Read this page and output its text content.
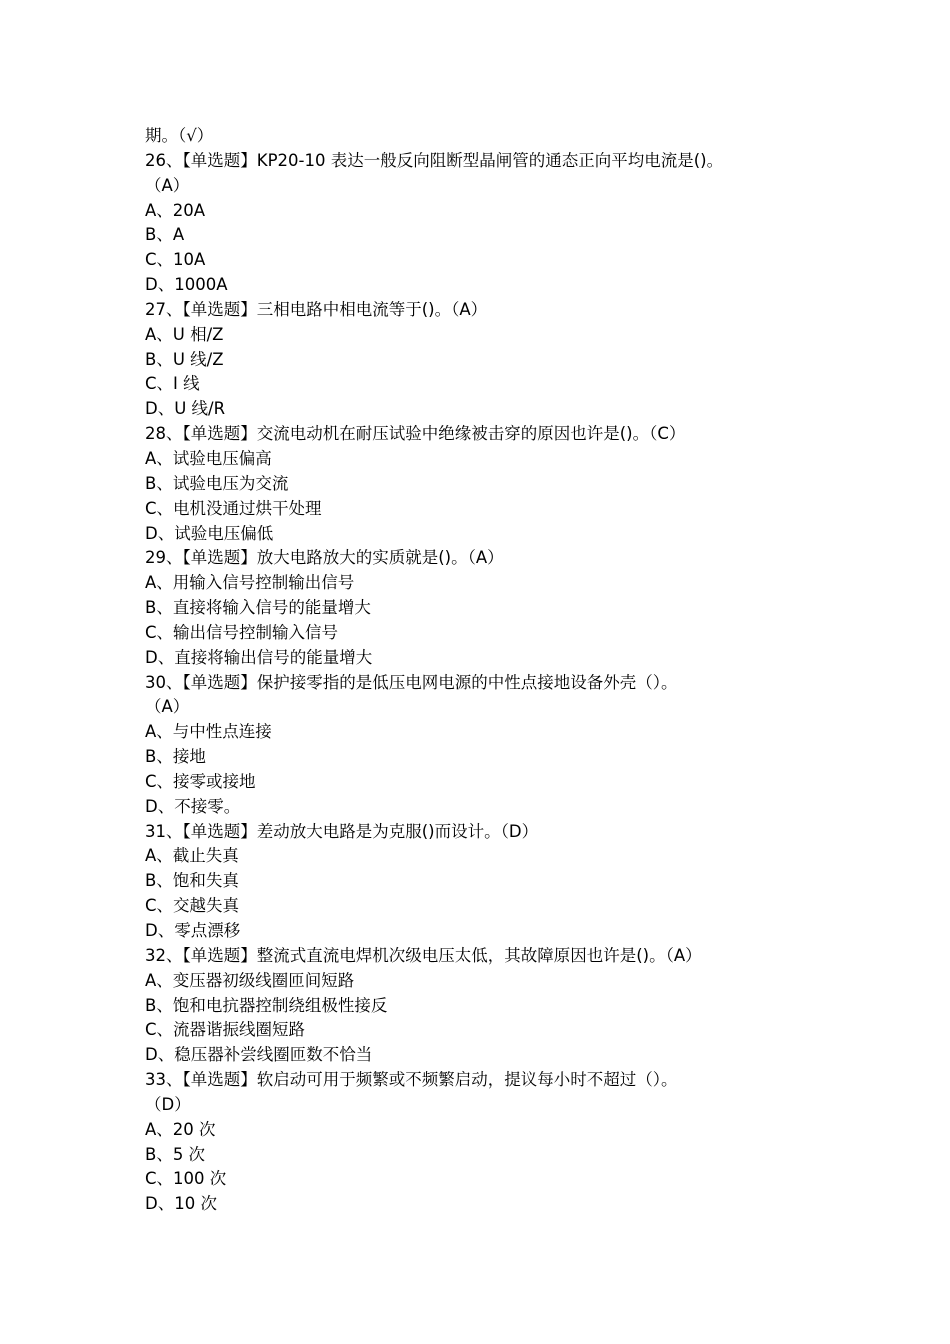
期。（√）
26、【单选题】KP20-10 表达一般反向阻断型晶闸管的通态正向平均电流是()。
（A）
A、20A
B、A
C、10A
D、1000A
27、【单选题】三相电路中相电流等于()。（A）
A、U 相/Z
B、U 线/Z
C、I 线
D、U 线/R
28、【单选题】交流电动机在耐压试验中绝缘被击穿的原因也许是()。（C）
A、试验电压偏高
B、试验电压为交流
C、电机没通过烘干处理
D、试验电压偏低
29、【单选题】放大电路放大的实质就是()。（A）
A、用输入信号控制输出信号
B、直接将输入信号的能量增大
C、输出信号控制输入信号
D、直接将输出信号的能量增大
30、【单选题】保护接零指的是低压电网电源的中性点接地设备外壳（）。
（A）
A、与中性点连接
B、接地
C、接零或接地
D、不接零。
31、【单选题】差动放大电路是为克服()而设计。（D）
A、截止失真
B、饱和失真
C、交越失真
D、零点漂移
32、【单选题】整流式直流电焊机次级电压太低，其故障原因也许是()。（A）
A、变压器初级线圈匝间短路
B、饱和电抗器控制绕组极性接反
C、流器谐振线圈短路
D、稳压器补尝线圈匝数不恰当
33、【单选题】软启动可用于频繁或不频繁启动，提议每小时不超过（）。
（D）
A、20 次
B、5 次
C、100 次
D、10 次
